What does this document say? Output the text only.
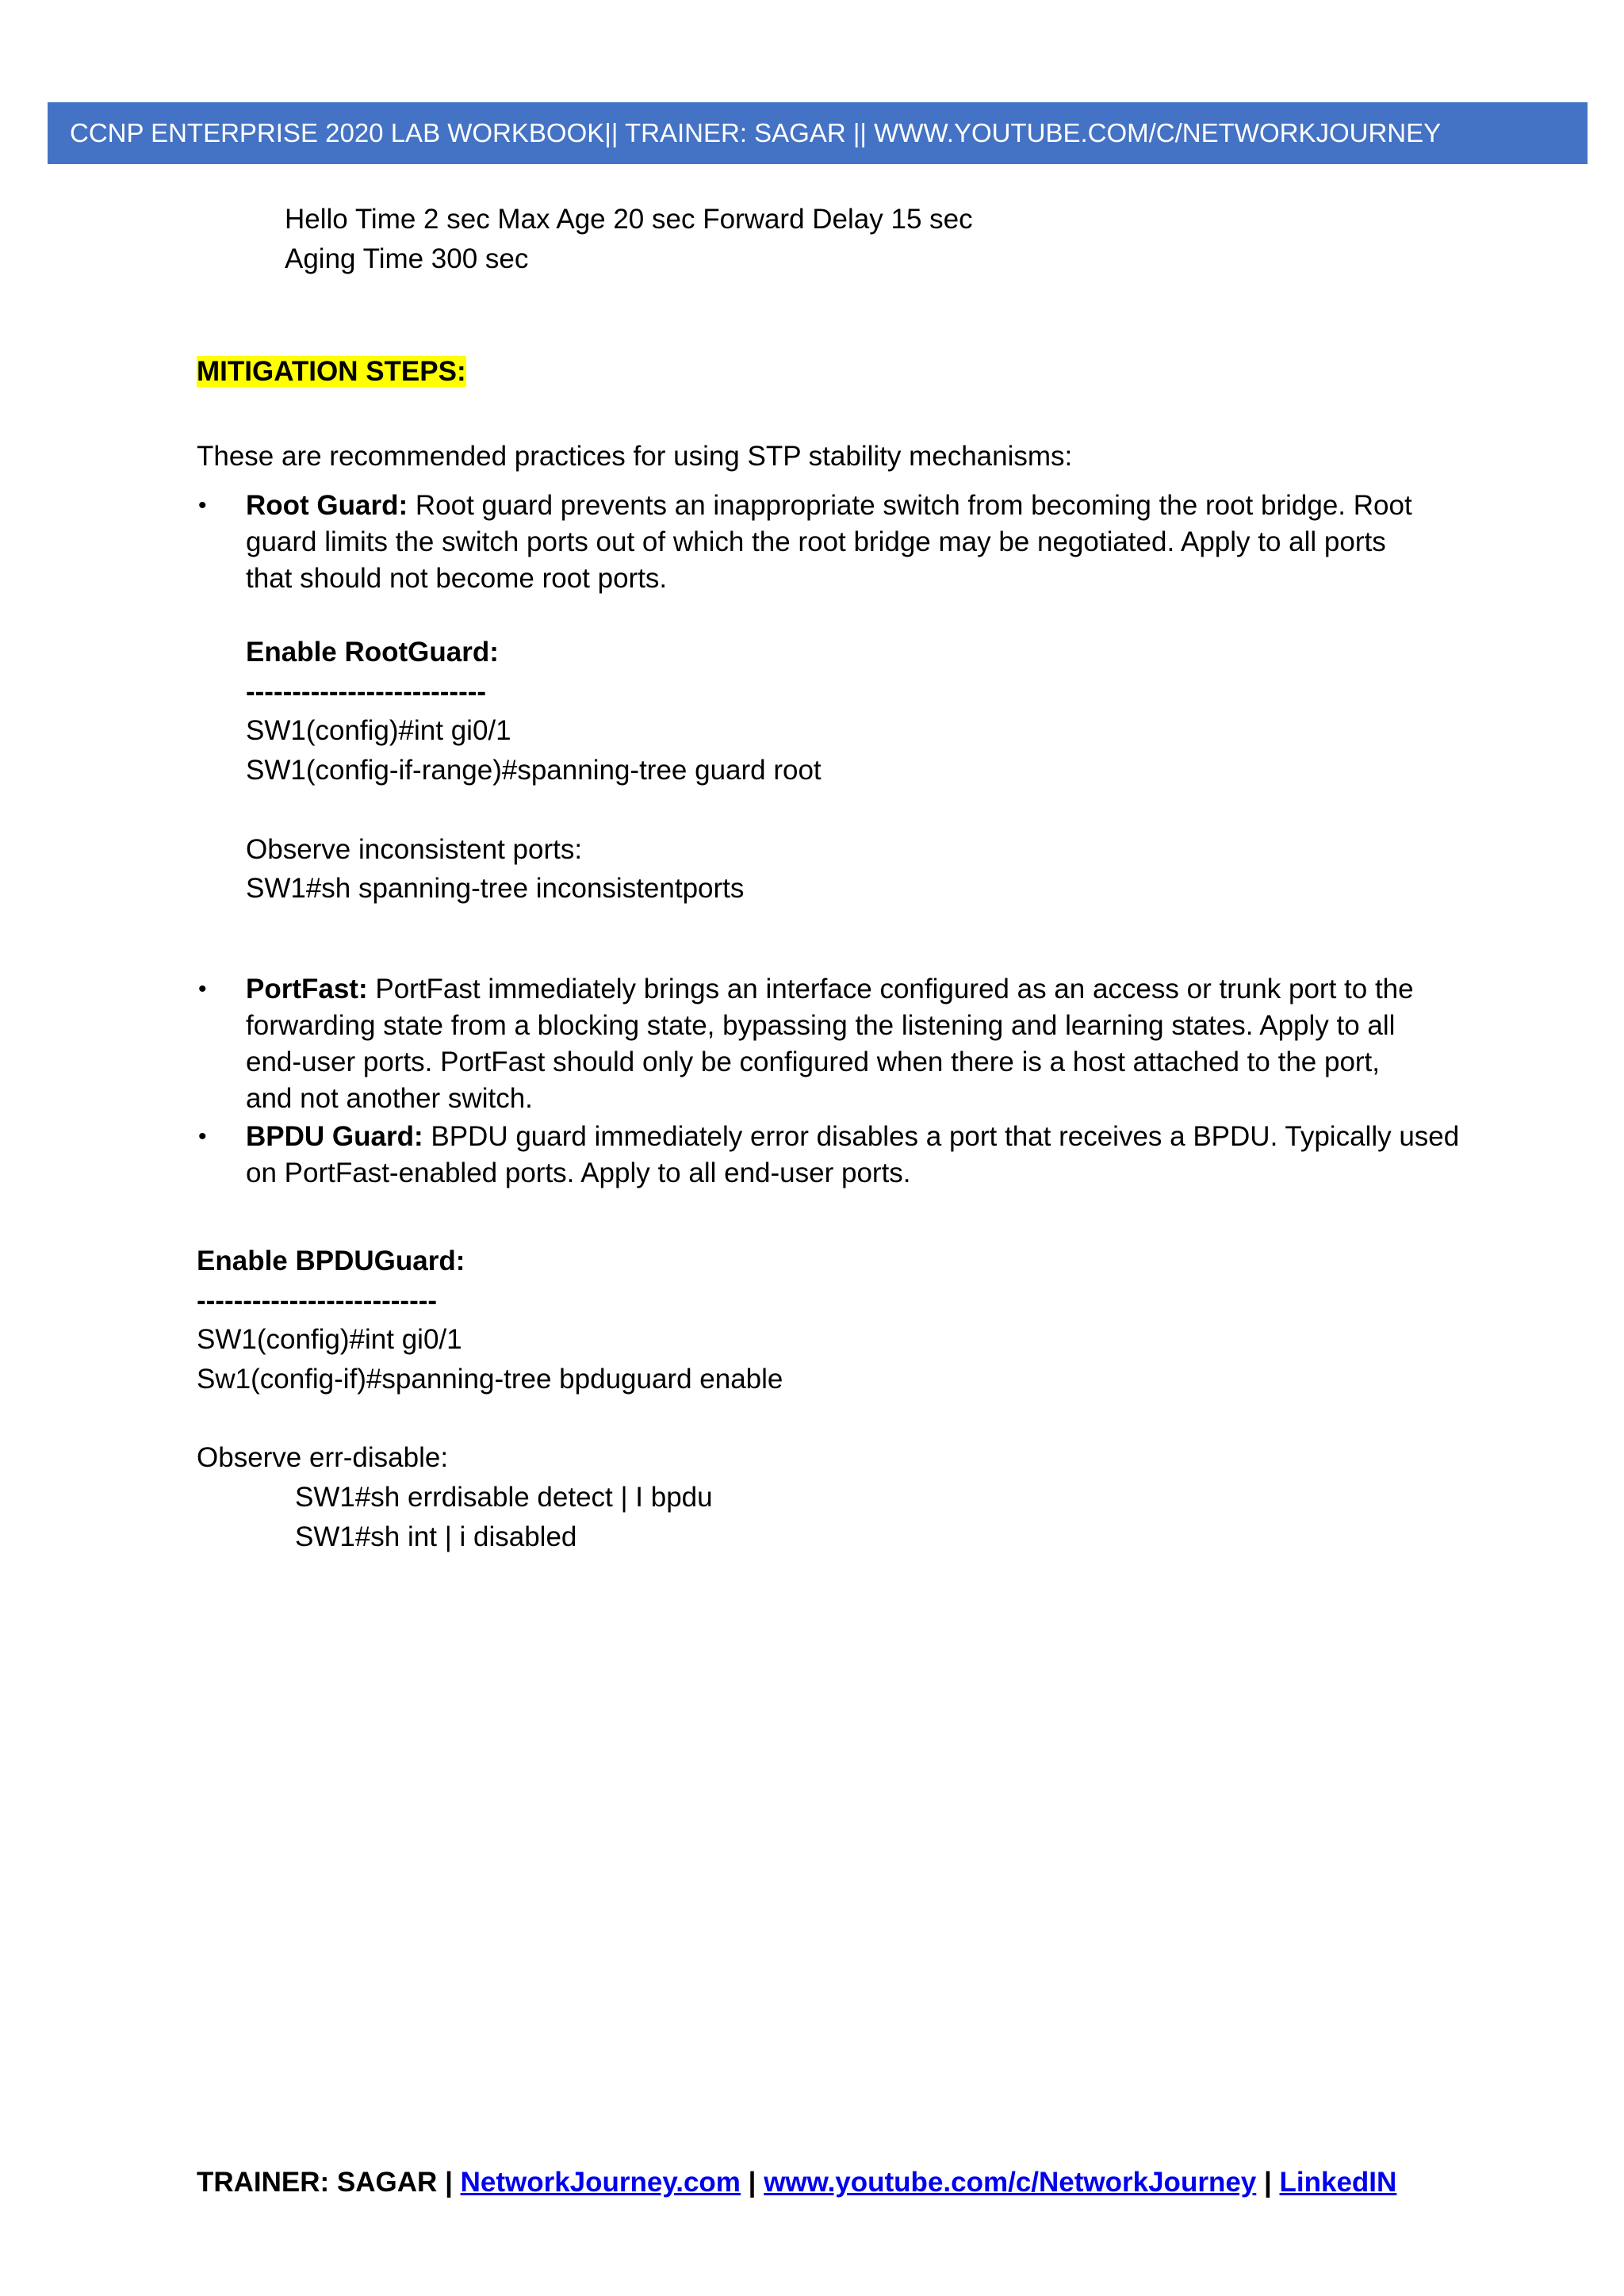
CCNP ENTERPRISE 2020 LAB WORKBOOK|| TRAINER: SAGAR || WWW.YOUTUBE.COM/C/NETWORKJOURNEY
Hello Time 2 sec Max Age 20 sec Forward Delay 15 sec
Aging Time 300 sec
MITIGATION STEPS:
These are recommended practices for using STP stability mechanisms:
• Root Guard: Root guard prevents an inappropriate switch from becoming the root bridge. Root
guard limits the switch ports out of which the root bridge may be negotiated. Apply to all ports
that should not become root ports.
Enable RootGuard:
--------------------------
SW1(config)#int gi0/1
SW1(config-if-range)#spanning-tree guard root
Observe inconsistent ports:
SW1#sh spanning-tree inconsistentports
• PortFast: PortFast immediately brings an interface configured as an access or trunk port to the
forwarding state from a blocking state, bypassing the listening and learning states. Apply to all
end-user ports. PortFast should only be configured when there is a host attached to the port,
and not another switch.
• BPDU Guard: BPDU guard immediately error disables a port that receives a BPDU. Typically used
on PortFast-enabled ports. Apply to all end-user ports.
Enable BPDUGuard:
--------------------------
SW1(config)#int gi0/1
Sw1(config-if)#spanning-tree bpduguard enable
Observe err-disable:
SW1#sh errdisable detect | I bpdu
SW1#sh int | i disabled
TRAINER: SAGAR | NetworkJourney.com | www.youtube.com/c/NetworkJourney | LinkedIN
